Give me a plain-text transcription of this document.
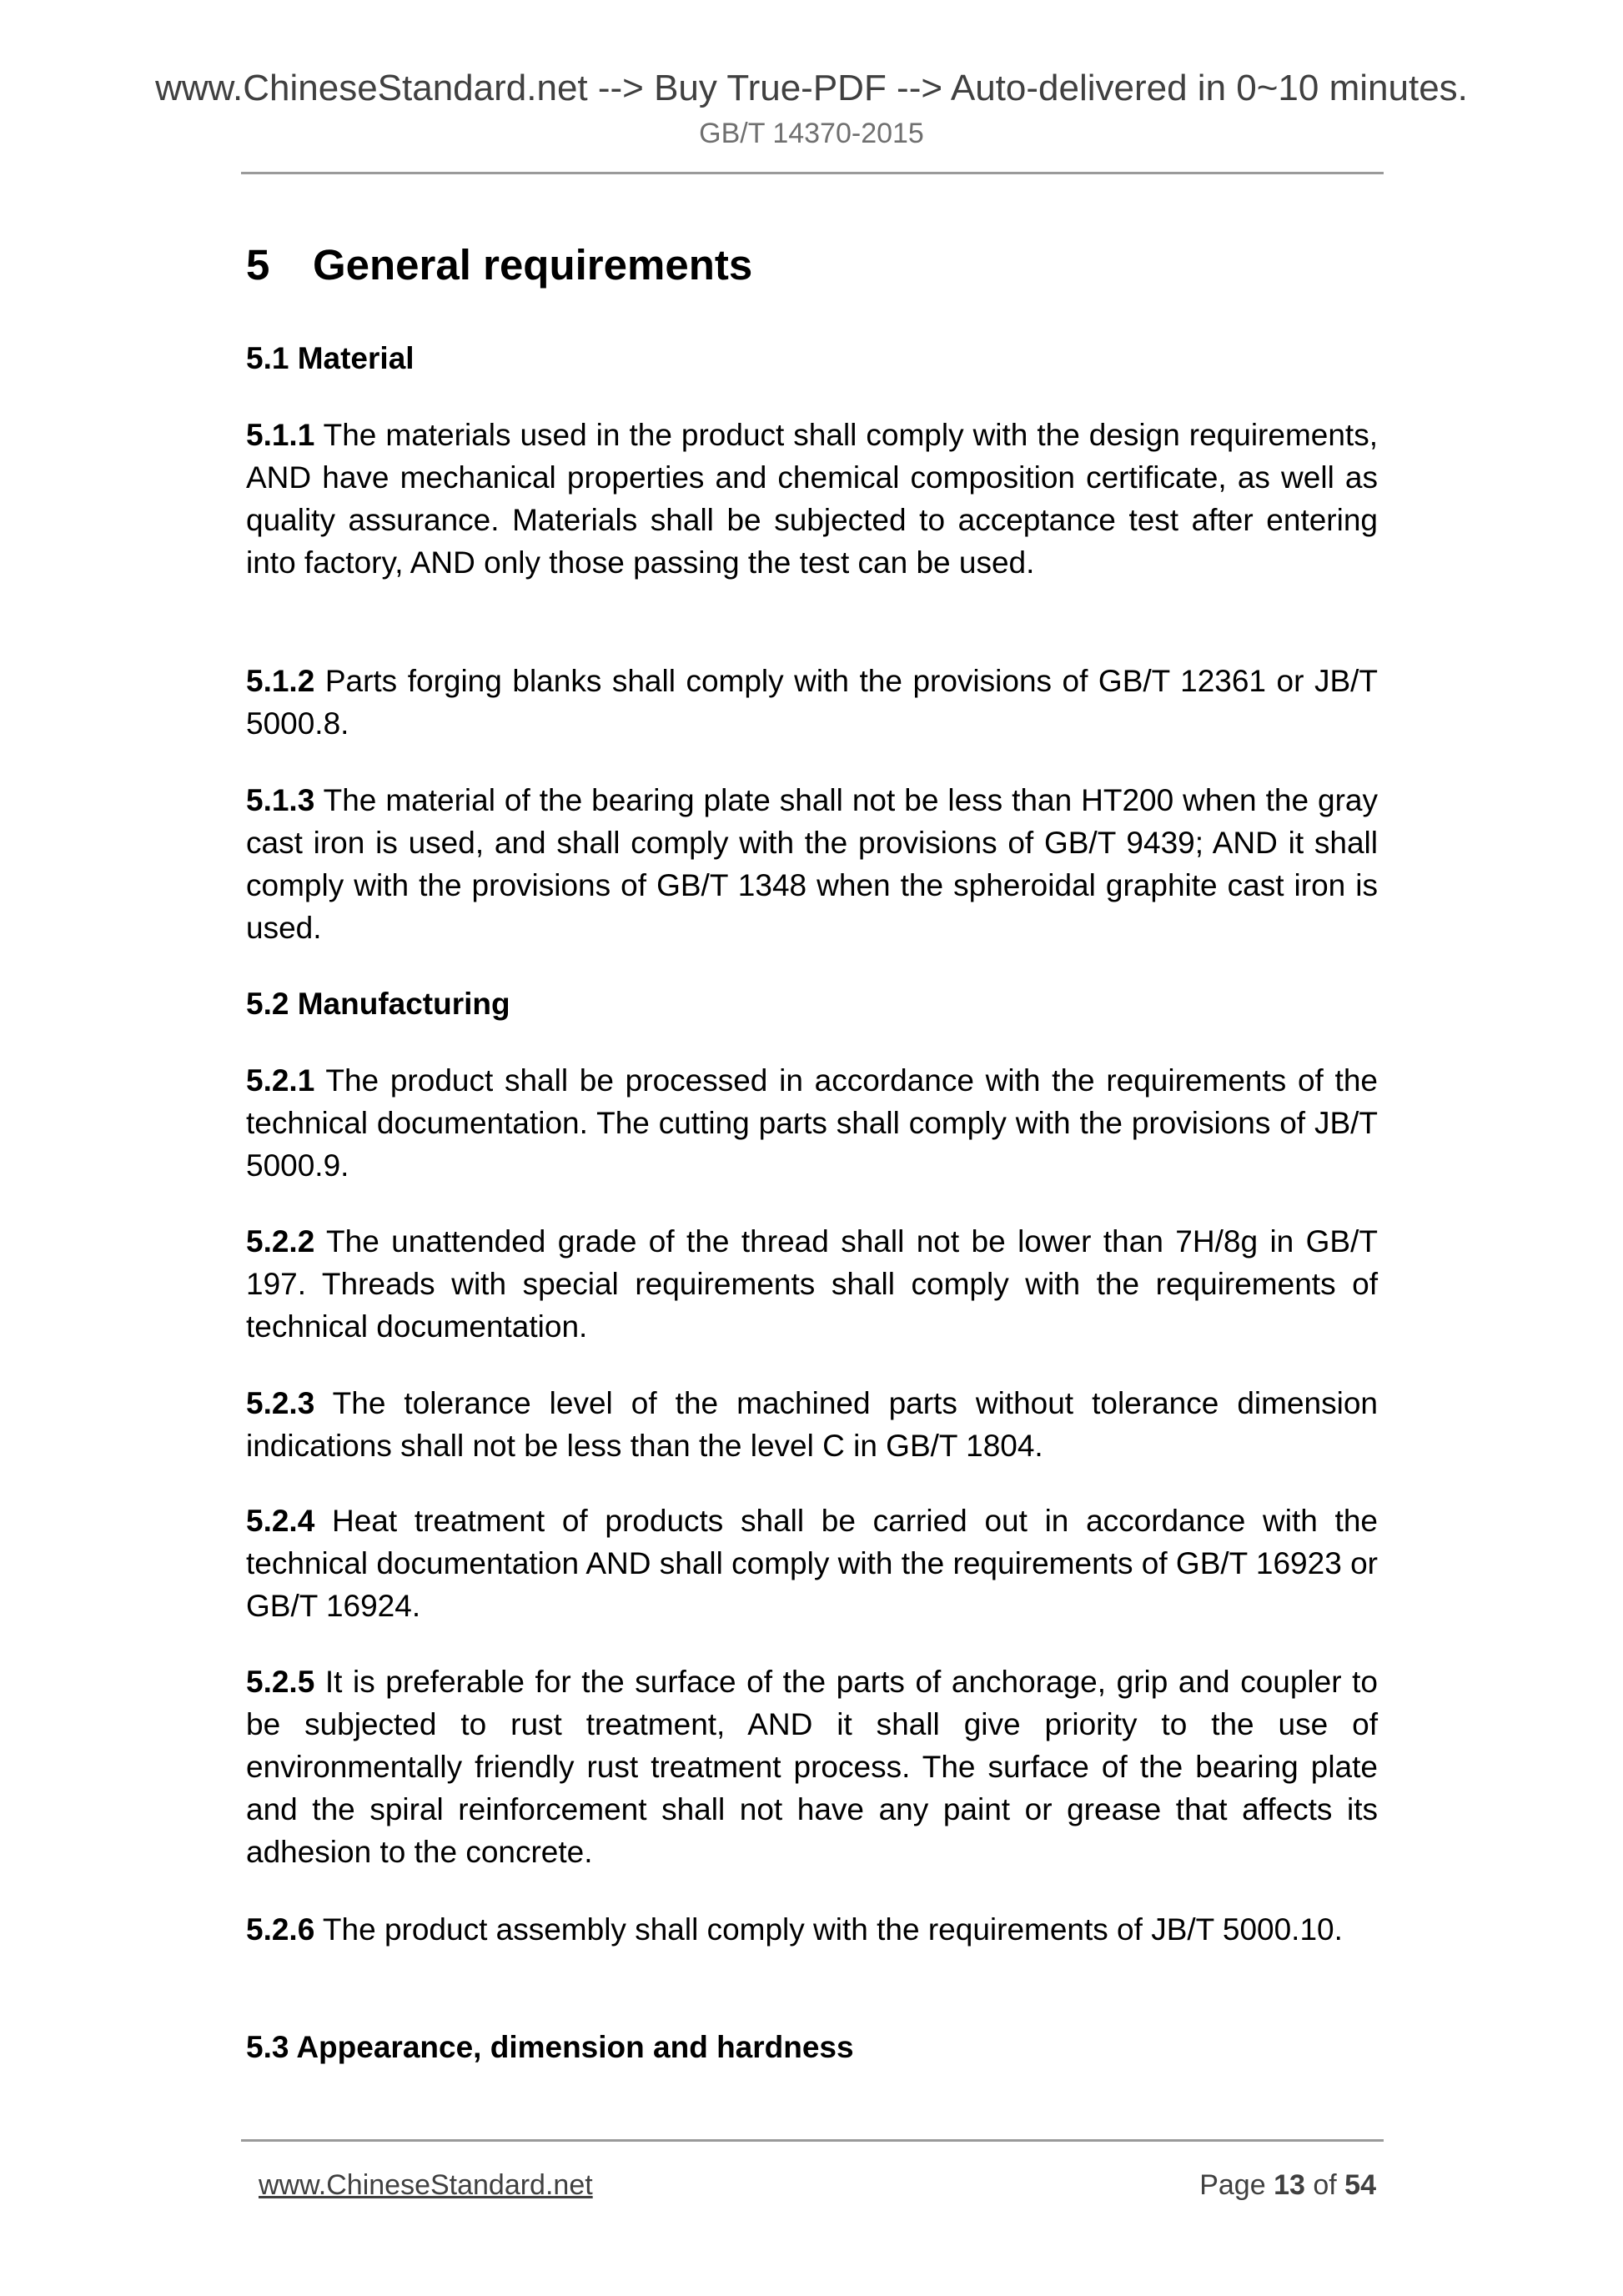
www.ChineseStandard.net --> Buy True-PDF --> Auto-delivered in 0~10 minutes.
GB/T 14370-2015
5 General requirements
5.1 Material
5.1.1 The materials used in the product shall comply with the design requirements, AND have mechanical properties and chemical composition certificate, as well as quality assurance. Materials shall be subjected to acceptance test after entering into factory, AND only those passing the test can be used.
5.1.2 Parts forging blanks shall comply with the provisions of GB/T 12361 or JB/T 5000.8.
5.1.3 The material of the bearing plate shall not be less than HT200 when the gray cast iron is used, and shall comply with the provisions of GB/T 9439; AND it shall comply with the provisions of GB/T 1348 when the spheroidal graphite cast iron is used.
5.2 Manufacturing
5.2.1 The product shall be processed in accordance with the requirements of the technical documentation. The cutting parts shall comply with the provisions of JB/T 5000.9.
5.2.2 The unattended grade of the thread shall not be lower than 7H/8g in GB/T 197. Threads with special requirements shall comply with the requirements of technical documentation.
5.2.3 The tolerance level of the machined parts without tolerance dimension indications shall not be less than the level C in GB/T 1804.
5.2.4 Heat treatment of products shall be carried out in accordance with the technical documentation AND shall comply with the requirements of GB/T 16923 or GB/T 16924.
5.2.5 It is preferable for the surface of the parts of anchorage, grip and coupler to be subjected to rust treatment, AND it shall give priority to the use of environmentally friendly rust treatment process. The surface of the bearing plate and the spiral reinforcement shall not have any paint or grease that affects its adhesion to the concrete.
5.2.6 The product assembly shall comply with the requirements of JB/T 5000.10.
5.3 Appearance, dimension and hardness
www.ChineseStandard.net	Page 13 of 54
